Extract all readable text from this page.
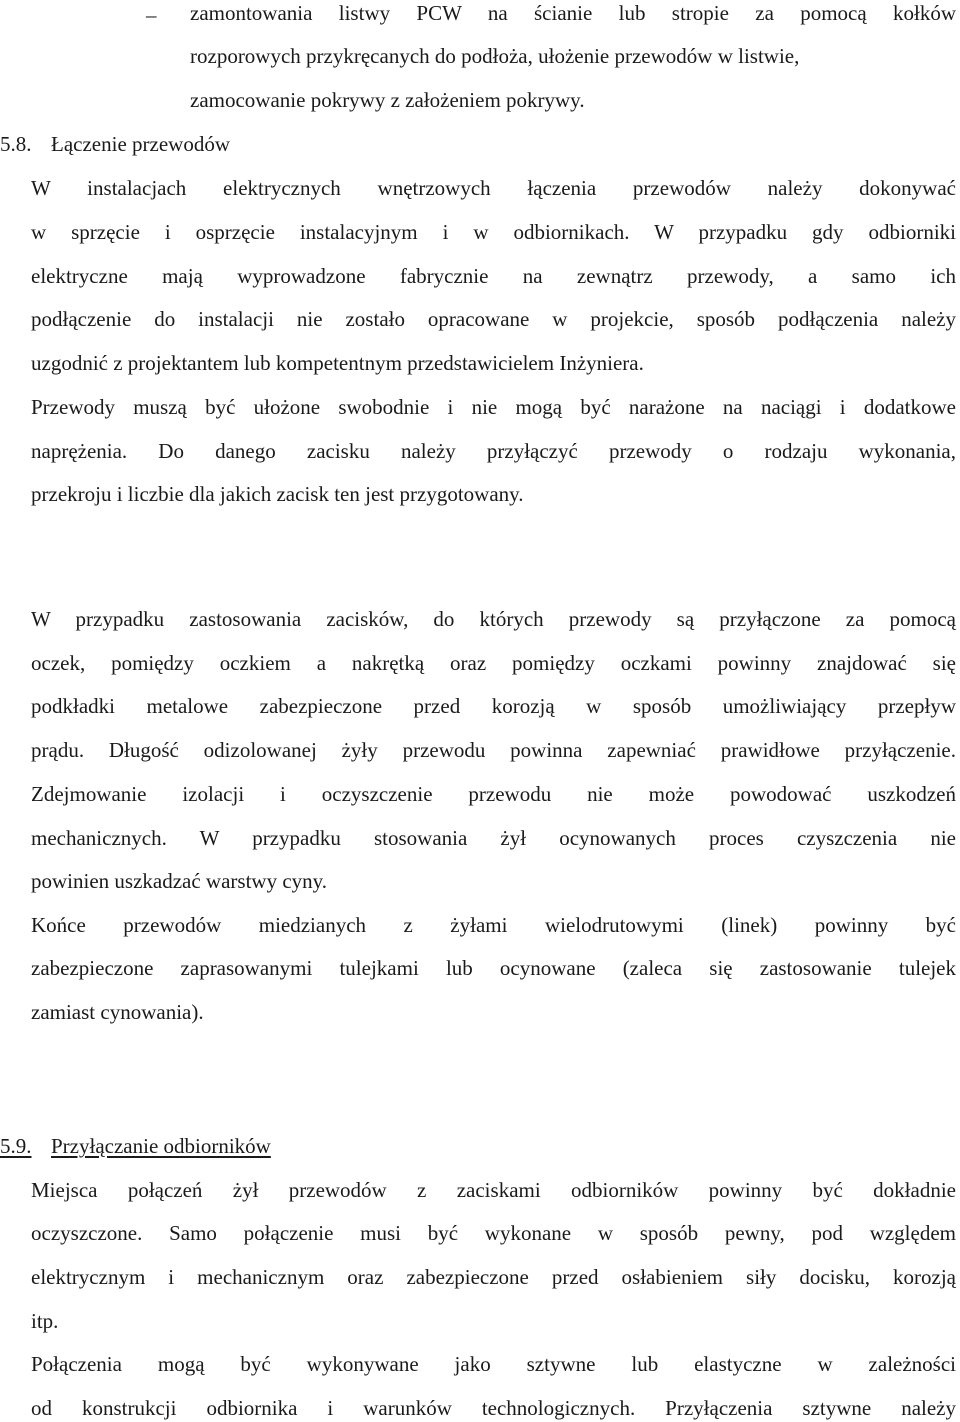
– zamontowania listwy PCW na ścianie lub stropie za pomocą kołków
rozporowych przykręcanych do podłoża, ułożenie przewodów w listwie,
zamocowanie pokrywy z założeniem pokrywy.
5.8. Łączenie przewodów
W instalacjach elektrycznych wnętrzowych łączenia przewodów należy dokonywać
w sprzęcie i osprzęcie instalacyjnym i w odbiornikach. W przypadku gdy odbiorniki
elektryczne mają wyprowadzone fabrycznie na zewnątrz przewody, a samo ich
podłączenie do instalacji nie zostało opracowane w projekcie, sposób podłączenia należy
uzgodnić z projektantem lub kompetentnym przedstawicielem Inżyniera.
Przewody muszą być ułożone swobodnie i nie mogą być narażone na naciągi i dodatkowe
naprężenia. Do danego zacisku należy przyłączyć przewody o rodzaju wykonania,
przekroju i liczbie dla jakich zacisk ten jest przygotowany.
W przypadku zastosowania zacisków, do których przewody są przyłączone za pomocą
oczek, pomiędzy oczkiem a nakrętką oraz pomiędzy oczkami powinny znajdować się
podkładki metalowe zabezpieczone przed korozją w sposób umożliwiający przepływ
prądu. Długość odizolowanej żyły przewodu powinna zapewniać prawidłowe przyłączenie.
Zdejmowanie izolacji i oczyszczenie przewodu nie może powodować uszkodzeń
mechanicznych. W przypadku stosowania żył ocynowanych proces czyszczenia nie
powinien uszkadzać warstwy cyny.
Końce przewodów miedzianych z żyłami wielodrutowymi (linek) powinny być
zabezpieczone zaprasowanymi tulejkami lub ocynowane (zaleca się zastosowanie tulejek
zamiast cynowania).
5.9. Przyłączanie odbiorników
Miejsca połączeń żył przewodów z zaciskami odbiorników powinny być dokładnie
oczyszczone. Samo połączenie musi być wykonane w sposób pewny, pod względem
elektrycznym i mechanicznym oraz zabezpieczone przed osłabieniem siły docisku, korozją
itp.
Połączenia mogą być wykonywane jako sztywne lub elastyczne w zależności
od konstrukcji odbiornika i warunków technologicznych. Przyłączenia sztywne należy
